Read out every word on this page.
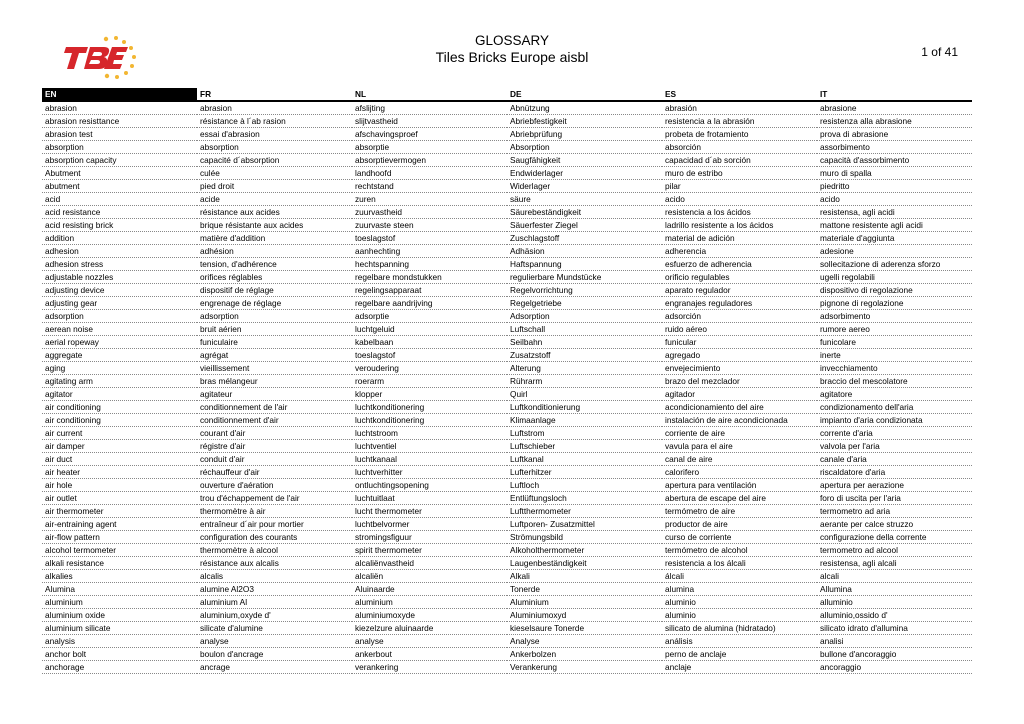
GLOSSARY
Tiles Bricks Europe aisbl	1 of 41
EN	FR	NL	DE	ES	IT
abrasion	abrasion	afslijting	Abnützung	abrasión	abrasione
abrasion resisttance	résistance à l´ab rasion	slijtvastheid	Abriebfestigkeit	resistencia a la abrasión	resistenza alla abrasione
abrasion test	essai d'abrasion	afschavingsproef	Abriebprüfung	probeta de frotamiento	prova di abrasione
absorption	absorption	absorptie	Absorption	absorción	assorbimento
absorption capacity	capacité d´absorption	absorptievermogen	Saugfähigkeit	capacidad d´ab sorción	capacità d'assorbimento
Abutment	culée	landhoofd	Endwiderlager	muro de estribo	muro di spalla
abutment	pied droit	rechtstand	Widerlager	pilar	piedritto
acid	acide	zuren	säure	acido	acido
acid resistance	résistance aux acides	zuurvastheid	Säurebeständigkeit	resistencia a los ácidos	resistensa, agli acidi
acid resisting brick	brique résistante aux acides	zuurvaste steen	Säuerfester Ziegel	ladrillo resistente a los ácidos	mattone resistente agli acidi
addition	matière d'addition	toeslagstof	Zuschlagstoff	material de adición	materiale d'aggiunta
adhesion	adhésion	aanhechting	Adhäsion	adherencia	adesione
adhesion stress	tension, d'adhérence	hechtspanning	Haftspannung	esfuerzo de adherencia	sollecitazione di aderenza sforzo
adjustable nozzles	orifices réglables	regelbare mondstukken	regulierbare Mundstücke	orificio regulables	ugelli regolabili
adjusting device	dispositif de réglage	regelingsapparaat	Regelvorrichtung	aparato regulador	dispositivo di regolazione
adjusting gear	engrenage de réglage	regelbare aandrijving	Regelgetriebe	engranajes reguladores	pignone di regolazione
adsorption	adsorption	adsorptie	Adsorption	adsorción	adsorbimento
aerean noise	bruit aérien	luchtgeluid	Luftschall	ruido aéreo	rumore aereo
aerial ropeway	funiculaire	kabelbaan	Seilbahn	funicular	funicolare
aggregate	agrégat	toeslagstof	Zusatzstoff	agregado	inerte
aging	vieillissement	veroudering	Alterung	envejecimiento	invecchiamento
agitating arm	bras mélangeur	roerarm	Rührarm	brazo del mezclador	braccio del mescolatore
agitator	agitateur	klopper	Quirl	agitador	agitatore
air conditioning	conditionnement de l'air	luchtkonditionering	Luftkonditionierung	acondicionamiento del aire	condizionamento dell'aria
air conditioning	conditionnement d'air	luchtkonditionering	Klimaanlage	instalación de aire acondicionada	impianto d'aria condizionata
air current	courant d'air	luchtstroom	Luftstrom	corriente de aire	corrente d'aria
air damper	régistre d'air	luchtventiel	Luftschieber	vavula para el aire	valvola per l'aria
air duct	conduit d'air	luchtkanaal	Luftkanal	canal de aire	canale d'aria
air heater	réchauffeur d'air	luchtverhitter	Lufterhitzer	calorifero	riscaldatore d'aria
air hole	ouverture d'aération	ontluchtingsopening	Luftloch	apertura para ventilación	apertura per aerazione
air outlet	trou d'échappement de l'air	luchtuitlaat	Entlüftungsloch	abertura de escape del aire	foro di uscita per l'aria
air thermometer	thermomètre à air	lucht thermometer	Luftthermometer	termómetro de aire	termometro ad aria
air-entraining agent	entraîneur d´air pour mortier	luchtbelvormer	Luftporen- Zusatzmittel	productor de aire	aerante per calce struzzo
air-flow pattern	configuration des courants	stromingsfiguur	Strömungsbild	curso de corriente	configurazione della corrente
alcohol termometer	thermomètre à alcool	spirit thermometer	Alkoholthermometer	termómetro de alcohol	termometro ad alcool
alkali resistance	résistance aux alcalis	alcaliënvastheid	Laugenbeständigkeit	resistencia a los álcali	resistensa, agli alcali
alkalies	alcalis	alcaliën	Alkali	álcali	alcali
Alumina	alumine Al2O3	Aluinaarde	Tonerde	alumina	Allumina
aluminium	aluminium Al	aluminium	Aluminium	aluminio	alluminio
aluminium oxide	aluminium,oxyde d'	aluminiumoxyde	Aluminiumoxyd	aluminio	alluminio,ossido d'
aluminium silicate	silicate d'alumine	kiezelzure aluinaarde	kieselsaure Tonerde	silicato de alumina (hidratado)	silicato idrato d'allumina
analysis	analyse	analyse	Analyse	análisis	analisi
anchor bolt	boulon d'ancrage	ankerbout	Ankerbolzen	perno de anclaje	bullone d'ancoraggio
anchorage	ancrage	verankering	Verankerung	anclaje	ancoraggio
